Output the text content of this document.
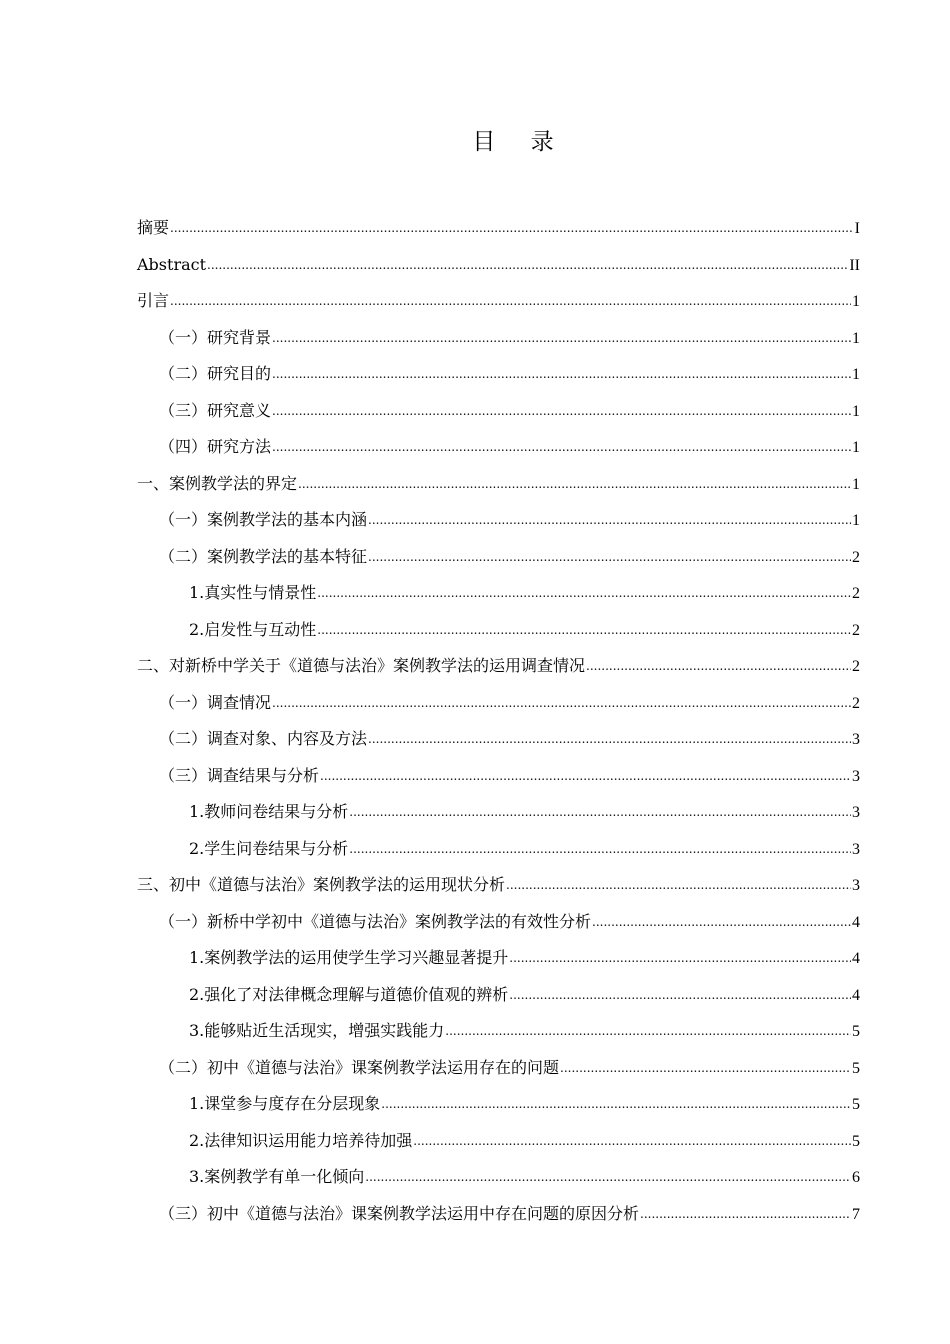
目 录
摘要 .....	I
Abstract .....	II
引言 .....	1
（一）研究背景 .....	1
（二）研究目的 .....	1
（三）研究意义 .....	1
（四）研究方法 .....	1
一、案例教学法的界定 .....	1
（一）案例教学法的基本内涵 .....	1
（二）案例教学法的基本特征 .....	2
1.真实性与情景性 .....	2
2.启发性与互动性 .....	2
二、对新桥中学关于《道德与法治》案例教学法的运用调查情况 .....	2
（一）调查情况 .....	2
（二）调查对象、内容及方法 .....	3
（三）调查结果与分析 .....	3
1.教师问卷结果与分析 .....	3
2.学生问卷结果与分析 .....	3
三、初中《道德与法治》案例教学法的运用现状分析 .....	3
（一）新桥中学初中《道德与法治》案例教学法的有效性分析 .....	4
1.案例教学法的运用使学生学习兴趣显著提升 .....	4
2.强化了对法律概念理解与道德价值观的辨析 .....	4
3.能够贴近生活现实，增强实践能力 .....	5
（二）初中《道德与法治》课案例教学法运用存在的问题 .....	5
1.课堂参与度存在分层现象 .....	5
2.法律知识运用能力培养待加强 .....	5
3.案例教学有单一化倾向 .....	6
（三）初中《道德与法治》课案例教学法运用中存在问题的原因分析 .....	7
